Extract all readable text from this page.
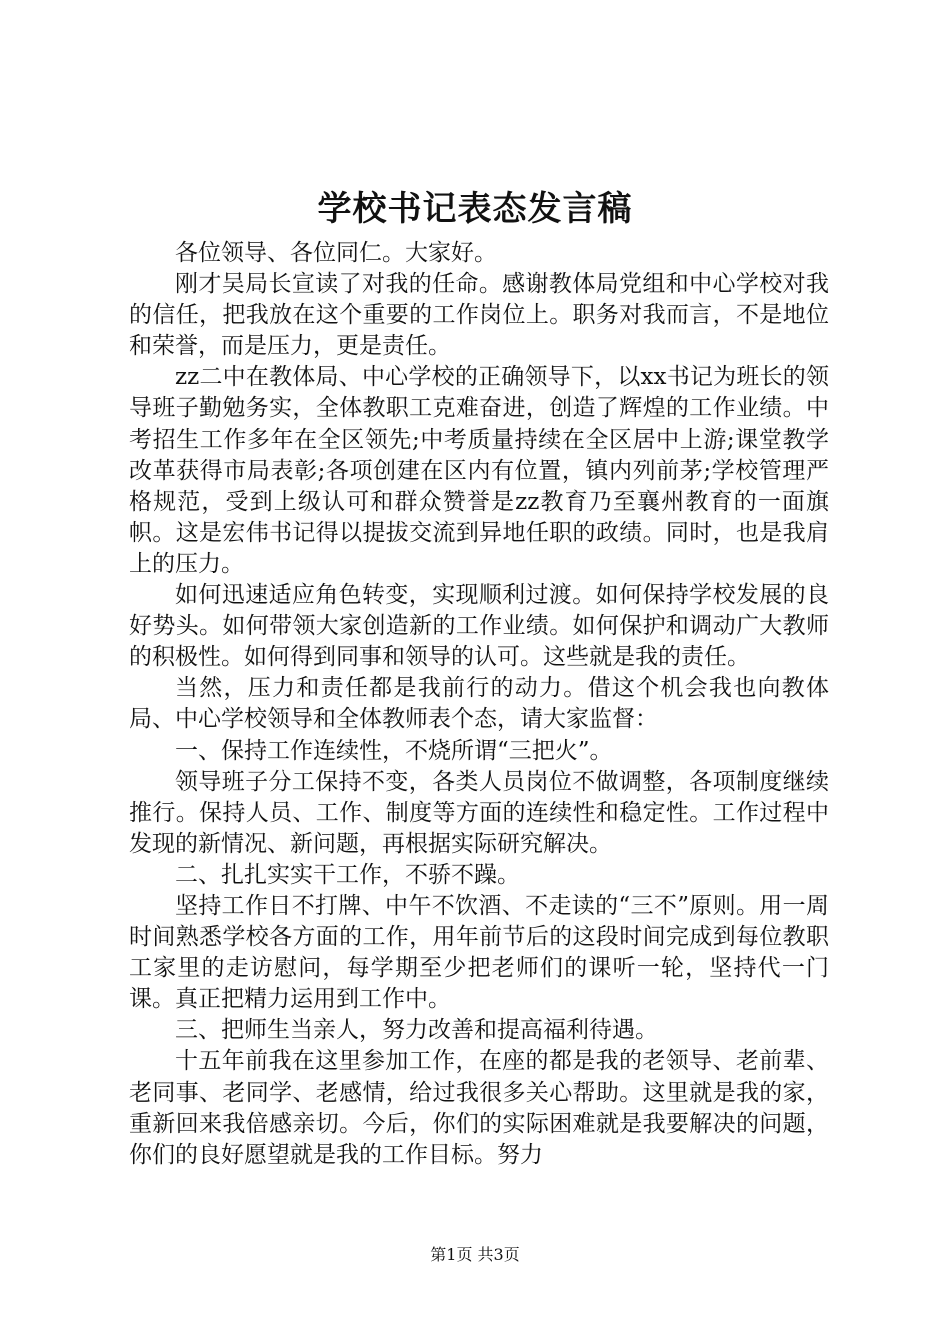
学校书记表态发言稿

各位领导、各位同仁。大家好。

刚才吴局长宣读了对我的任命。感谢教体局党组和中心学校对我的信任，把我放在这个重要的工作岗位上。职务对我而言，不是地位和荣誉，而是压力，更是责任。

zz二中在教体局、中心学校的正确领导下，以xx书记为班长的领导班子勤勉务实，全体教职工克难奋进，创造了辉煌的工作业绩。中考招生工作多年在全区领先;中考质量持续在全区居中上游;课堂教学改革获得市局表彰;各项创建在区内有位置，镇内列前茅;学校管理严格规范，受到上级认可和群众赞誉是zz教育乃至襄州教育的一面旗帜。这是宏伟书记得以提拔交流到异地任职的政绩。同时，也是我肩上的压力。

如何迅速适应角色转变，实现顺利过渡。如何保持学校发展的良好势头。如何带领大家创造新的工作业绩。如何保护和调动广大教师的积极性。如何得到同事和领导的认可。这些就是我的责任。

当然，压力和责任都是我前行的动力。借这个机会我也向教体局、中心学校领导和全体教师表个态，请大家监督：

一、保持工作连续性，不烧所谓“三把火”。

领导班子分工保持不变，各类人员岗位不做调整，各项制度继续推行。保持人员、工作、制度等方面的连续性和稳定性。工作过程中发现的新情况、新问题，再根据实际研究解决。

二、扎扎实实干工作，不骄不躁。

坚持工作日不打牌、中午不饮酒、不走读的“三不”原则。用一周时间熟悉学校各方面的工作，用年前节后的这段时间完成到每位教职工家里的走访慰问，每学期至少把老师们的课听一轮，坚持代一门课。真正把精力运用到工作中。

三、把师生当亲人，努力改善和提高福利待遇。

十五年前我在这里参加工作，在座的都是我的老领导、老前辈、老同事、老同学、老感情，给过我很多关心帮助。这里就是我的家，重新回来我倍感亲切。今后，你们的实际困难就是我要解决的问题，你们的良好愿望就是我的工作目标。努力

第1页 共3页
